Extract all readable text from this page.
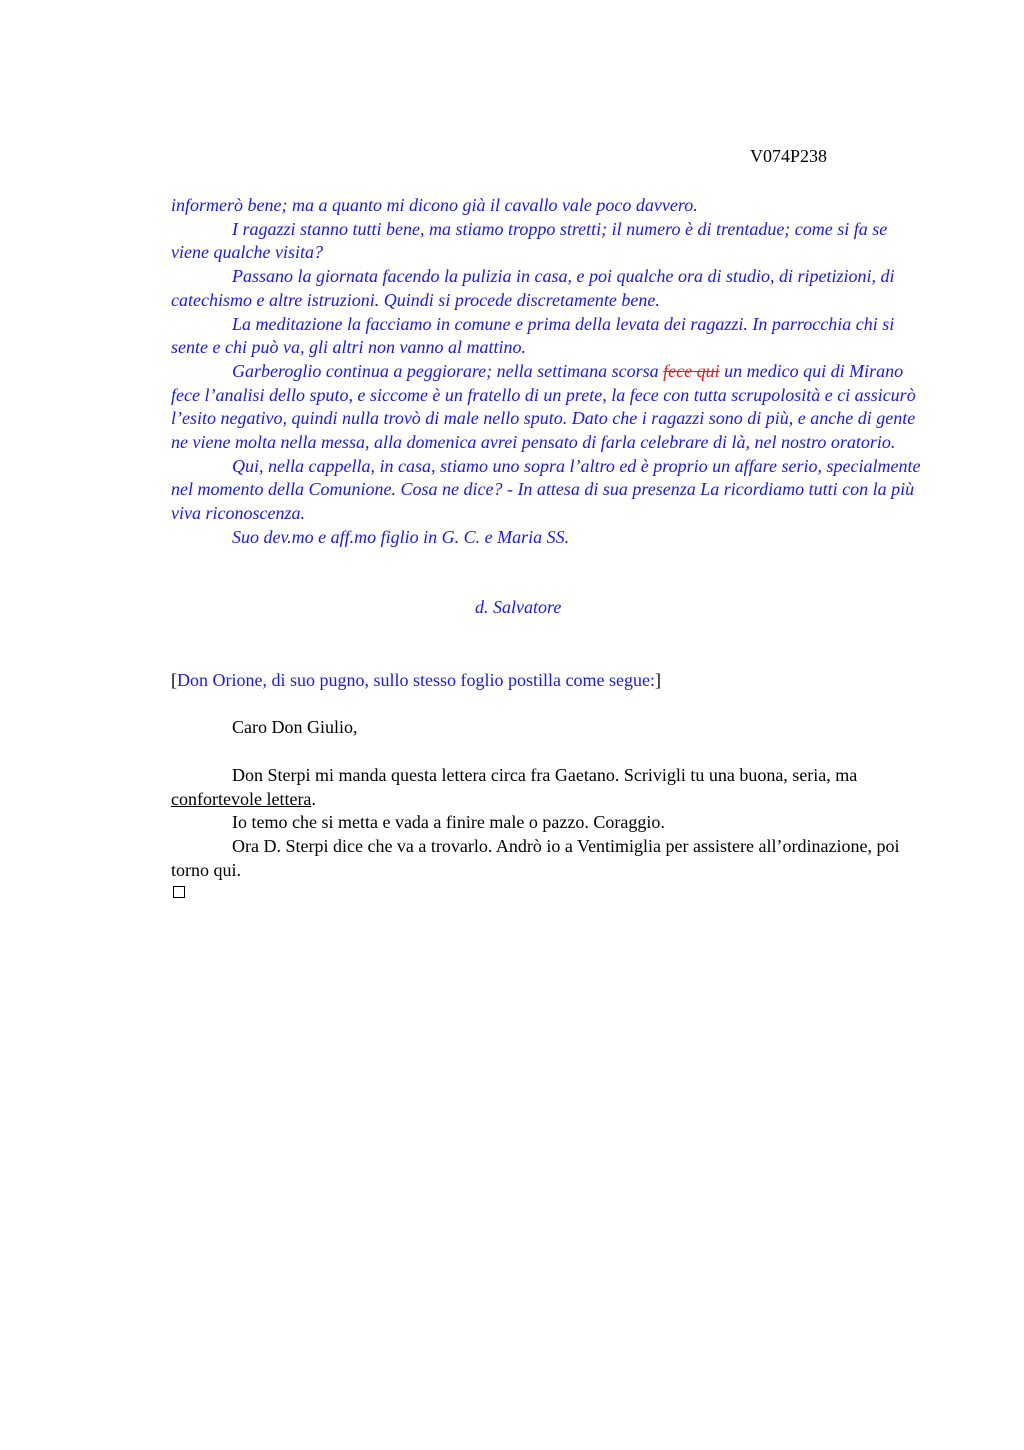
V074P238

informerò bene; ma a quanto mi dicono già il cavallo vale poco davvero.

I ragazzi stanno tutti bene, ma stiamo troppo stretti; il numero è di trentadue; come si fa se viene qualche visita?

Passano la giornata facendo la pulizia in casa, e poi qualche ora di studio, di ripetizioni, di catechismo e altre istruzioni. Quindi si procede discretamente bene.

La meditazione la facciamo in comune e prima della levata dei ragazzi. In parrocchia chi si sente e chi può va, gli altri non vanno al mattino.

Garberoglio continua a peggiorare; nella settimana scorsa fece qui un medico qui di Mirano fece l’analisi dello sputo, e siccome è un fratello di un prete, la fece con tutta scrupolosità e ci assicurò l’esito negativo, quindi nulla trovò di male nello sputo. Dato che i ragazzi sono di più, e anche di gente ne viene molta nella messa, alla domenica avrei pensato di farla celebrare di là, nel nostro oratorio.

Qui, nella cappella, in casa, stiamo uno sopra l’altro ed è proprio un affare serio, specialmente nel momento della Comunione. Cosa ne dice? - In attesa di sua presenza La ricordiamo tutti con la più viva riconoscenza.

Suo dev.mo e aff.mo figlio in G. C. e Maria SS.

d. Salvatore
[Don Orione, di suo pugno, sullo stesso foglio postilla come segue:]
Caro Don Giulio,

Don Sterpi mi manda questa lettera circa fra Gaetano. Scrivigli tu una buona, seria, ma confortevole lettera.

Io temo che si metta e vada a finire male o pazzo. Coraggio.

Ora D. Sterpi dice che va a trovarlo. Andrò io a Ventimiglia per assistere all’ordinazione, poi torno qui.
